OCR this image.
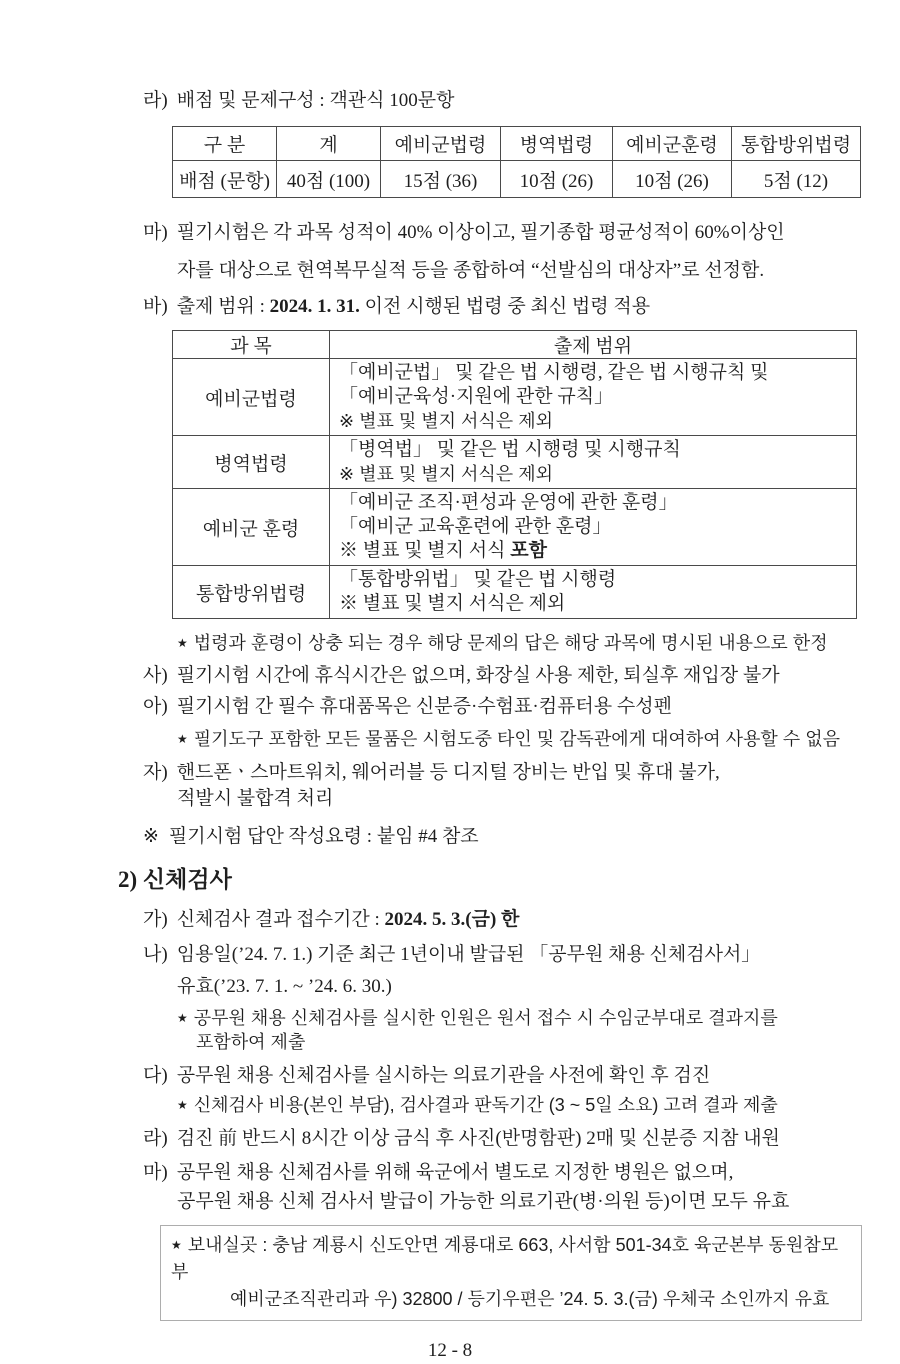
라) 배점 및 문제구성 : 객관식 100문항

구 분	계	예비군법령	병역법령	예비군훈령	통합방위법령
배점 (문항)	40점 (100)	15점 (36)	10점 (26)	10점 (26)	5점 (12)

마) 필기시험은 각 과목 성적이 40% 이상이고, 필기종합 평균성적이 60%이상인
자를 대상으로 현역복무실적 등을 종합하여 “선발심의 대상자”로 선정함.

바) 출제 범위 : 2024. 1. 31. 이전 시행된 법령 중 최신 법령 적용

과 목	출제 범위
예비군법령	「예비군법」 및 같은 법 시행령, 같은 법 시행규칙 및
「예비군육성·지원에 관한 규칙」
※ 별표 및 별지 서식은 제외

병역법령	「병역법」 및 같은 법 시행령 및 시행규칙
※ 별표 및 별지 서식은 제외

예비군 훈령	「예비군 조직·편성과 운영에 관한 훈령」
「예비군 교육훈련에 관한 훈령」
※ 별표 및 별지 서식 포함

통합방위법령	「통합방위법」 및 같은 법 시행령
※ 별표 및 별지 서식은 제외

★ 법령과 훈령이 상충 되는 경우 해당 문제의 답은 해당 과목에 명시된 내용으로 한정

사) 필기시험 시간에 휴식시간은 없으며, 화장실 사용 제한, 퇴실후 재입장 불가

아) 필기시험 간 필수 휴대품목은 신분증·수험표·컴퓨터용 수성펜

★ 필기도구 포함한 모든 물품은 시험도중 타인 및 감독관에게 대여하여 사용할 수 없음

자) 핸드폰ㆍ스마트워치, 웨어러블 등 디지털 장비는 반입 및 휴대 불가,
적발시 불합격 처리

※ 필기시험 답안 작성요령 : 붙임 #4 참조

2) 신체검사

가) 신체검사 결과 접수기간 : 2024. 5. 3.(금) 한

나) 임용일(’24. 7. 1.) 기준 최근 1년이내 발급된 「공무원 채용 신체검사서」
유효(’23. 7. 1. ~ ’24. 6. 30.)

★ 공무원 채용 신체검사를 실시한 인원은 원서 접수 시 수임군부대로 결과지를
포함하여 제출

다) 공무원 채용 신체검사를 실시하는 의료기관을 사전에 확인 후 검진

★ 신체검사 비용(본인 부담), 검사결과 판독기간 (3 ~ 5일 소요) 고려 결과 제출

라) 검진 前 반드시 8시간 이상 금식 후 사진(반명함판) 2매 및 신분증 지참 내원

마) 공무원 채용 신체검사를 위해 육군에서 별도로 지정한 병원은 없으며,
공무원 채용 신체 검사서 발급이 가능한 의료기관(병·의원 등)이면 모두 유효

★ 보내실곳 : 충남 계룡시 신도안면 계룡대로 663, 사서함 501-34호 육군본부 동원참모부
예비군조직관리과 우) 32800 / 등기우편은 ’24. 5. 3.(금) 우체국 소인까지 유효
12 - 8
